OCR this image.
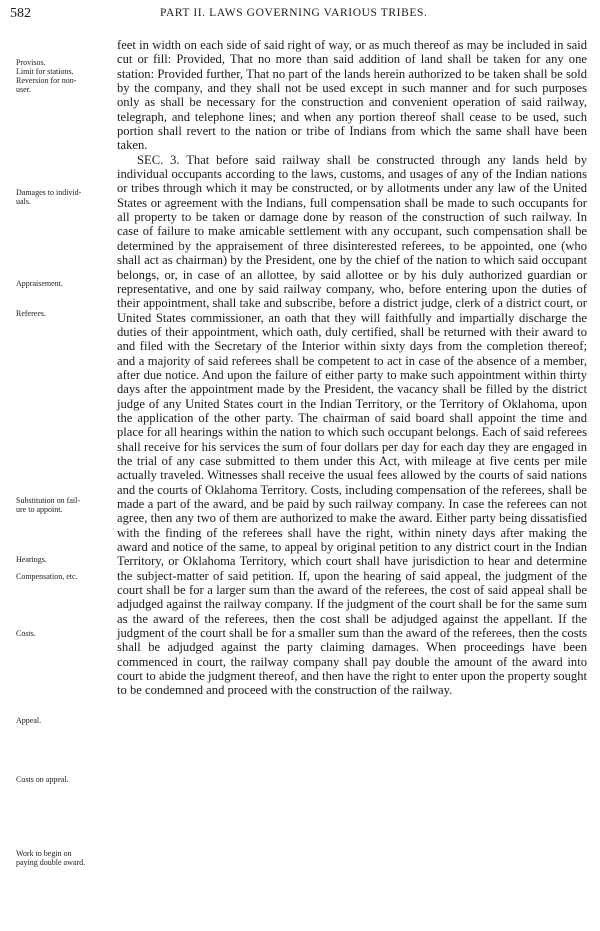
582	PART II. LAWS GOVERNING VARIOUS TRIBES.
Provisos.
Limit for stations.
Reversion for non-
user.
Damages to individ-
uals.
Appraisement.
Referees.
Substitution on fail-
ure to appoint.
Hearings.
Compensation, etc.
Costs.
Appeal.
Costs on appeal.
Work to begin on
paying double award.

feet in width on each side of said right of way, or as much thereof as may be included in said cut or fill: Provided, That no more than said addition of land shall be taken for any one station: Provided further, That no part of the lands herein authorized to be taken shall be sold by the company, and they shall not be used except in such manner and for such purposes only as shall be necessary for the construction and convenient operation of said railway, telegraph, and telephone lines; and when any portion thereof shall cease to be used, such portion shall revert to the nation or tribe of Indians from which the same shall have been taken.

SEC. 3. That before said railway shall be constructed through any lands held by individual occupants according to the laws, customs, and usages of any of the Indian nations or tribes through which it may be constructed, or by allotments under any law of the United States or agreement with the Indians, full compensation shall be made to such occupants for all property to be taken or damage done by reason of the construction of such railway. In case of failure to make amicable settlement with any occupant, such compensation shall be determined by the appraisement of three disinterested referees, to be appointed, one (who shall act as chairman) by the President, one by the chief of the nation to which said occupant belongs, or, in case of an allottee, by said allottee or by his duly authorized guardian or representative, and one by said railway company, who, before entering upon the duties of their appointment, shall take and subscribe, before a district judge, clerk of a district court, or United States commissioner, an oath that they will faithfully and impartially discharge the duties of their appointment, which oath, duly certified, shall be returned with their award to and filed with the Secretary of the Interior within sixty days from the completion thereof; and a majority of said referees shall be competent to act in case of the absence of a member, after due notice. And upon the failure of either party to make such appointment within thirty days after the appointment made by the President, the vacancy shall be filled by the district judge of any United States court in the Indian Territory, or the Territory of Oklahoma, upon the application of the other party. The chairman of said board shall appoint the time and place for all hearings within the nation to which such occupant belongs. Each of said referees shall receive for his services the sum of four dollars per day for each day they are engaged in the trial of any case submitted to them under this Act, with mileage at five cents per mile actually traveled. Witnesses shall receive the usual fees allowed by the courts of said nations and the courts of Oklahoma Territory. Costs, including compensation of the referees, shall be made a part of the award, and be paid by such railway company. In case the referees can not agree, then any two of them are authorized to make the award. Either party being dissatisfied with the finding of the referees shall have the right, within ninety days after making the award and notice of the same, to appeal by original petition to any district court in the Indian Territory, or Oklahoma Territory, which court shall have jurisdiction to hear and determine the subject-matter of said petition. If, upon the hearing of said appeal, the judgment of the court shall be for a larger sum than the award of the referees, the cost of said appeal shall be adjudged against the railway company. If the judgment of the court shall be for the same sum as the award of the referees, then the cost shall be adjudged against the appellant. If the judgment of the court shall be for a smaller sum than the award of the referees, then the costs shall be adjudged against the party claiming damages. When proceedings have been commenced in court, the railway company shall pay double the amount of the award into court to abide the judgment thereof, and then have the right to enter upon the property sought to be condemned and proceed with the construction of the railway.
